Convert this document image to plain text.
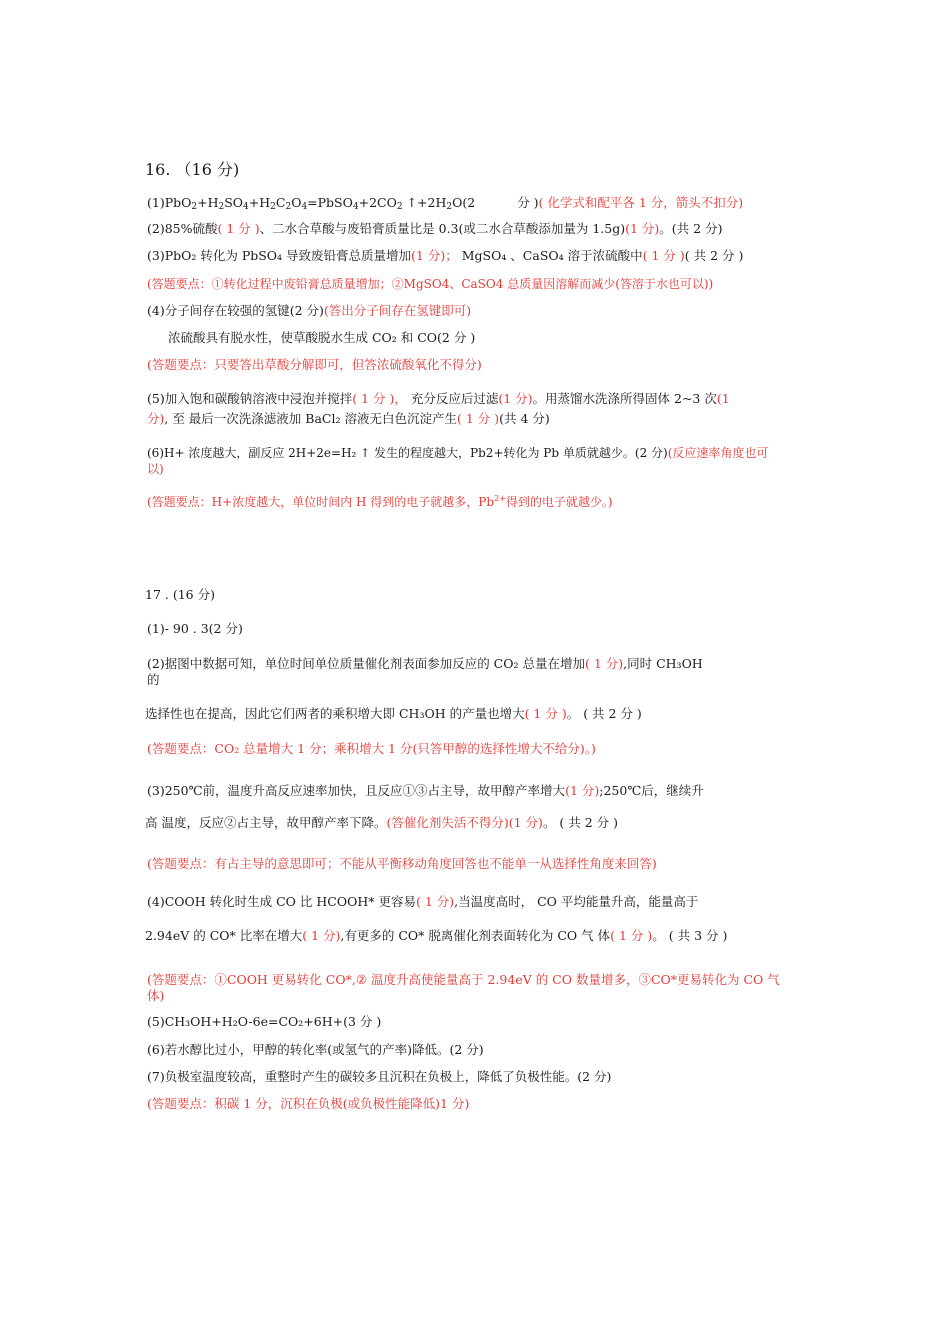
16. （16 分)
$(1)PbO_2+H_2SO_4+H_2C_2O_4=PbSO_4+2CO_2$ $↑+2H_2O(2$	分 )( 化学式和配平各 1 分，箭头不扣分)
(2)85%硫酸( 1 分 )、二水合草酸与废铅膏质量比是 0.3(或二水合草酸添加量为 1.5g)(1 分)。(共 2 分)
(3)PbO₂ 转化为 PbSO₄ 导致废铅膏总质量增加(1 分)； MgSO₄ 、CaSO₄ 溶于浓硫酸中( 1 分 )( 共 2 分 )
(答题要点：①转化过程中废铅膏总质量增加；②MgSO4、CaSO4 总质量因溶解而减少(答溶于水也可以))
(4)分子间存在较强的氢键(2 分)(答出分子间存在氢键即可)
浓硫酸具有脱水性，使草酸脱水生成 CO₂ 和 CO(2 分 )
(答题要点：只要答出草酸分解即可，但答浓硫酸氧化不得分)
(5)加入饱和碳酸钠溶液中浸泡并搅拌( 1 分 )， 充分反应后过滤(1 分)。用蒸馏水洗涤所得固体 2~3 次(1
分), 至 最后一次洗涤滤液加 BaCl₂ 溶液无白色沉淀产生( 1 分 )(共 4 分)
(6)H+ 浓度越大，副反应 2H+2e=H₂ ↑ 发生的程度越大，Pb2+转化为 Pb 单质就越少。(2 分)(反应速率角度也可
以)
(答题要点：H+浓度越大，单位时间内 H 得到的电子就越多，$Pb^{2+}$得到的电子就越少。)
17 . (16 分)
(1)- 90 . 3(2 分)
(2)据图中数据可知，单位时间单位质量催化剂表面参加反应的 CO₂ 总量在增加( 1 分),同时 CH₃OH
的
选择性也在提高，因此它们两者的乘积增大即 CH₃OH 的产量也增大( 1 分 )。 ( 共 2 分 )
(答题要点：CO₂ 总量增大 1 分；乘积增大 1 分(只答甲醇的选择性增大不给分)。)
(3)250℃前，温度升高反应速率加快，且反应①③占主导，故甲醇产率增大(1 分);250℃后，继续升
高 温度，反应②占主导，故甲醇产率下降。(答催化剂失活不得分)(1 分)。 ( 共 2 分 )
(答题要点：有占主导的意思即可；不能从平衡移动角度回答也不能单一从选择性角度来回答)
(4)COOH 转化时生成 CO 比 HCOOH* 更容易( 1 分),当温度高时， CO 平均能量升高，能量高于
2.94eV 的 CO* 比率在增大( 1 分),有更多的 CO* 脱离催化剂表面转化为 CO 气 体( 1 分 )。 ( 共 3 分 )
(答题要点：①COOH 更易转化 CO*,② 温度升高使能量高于 2.94eV 的 CO 数量增多，③CO*更易转化为 CO 气
体)
(5)CH₃OH+H₂O-6e=CO₂+6H+(3 分 )
(6)若水醇比过小，甲醇的转化率(或氢气的产率)降低。(2 分)
(7)负极室温度较高，重整时产生的碳较多且沉积在负极上，降低了负极性能。(2 分)
(答题要点：积碳 1 分，沉积在负极(或负极性能降低)1 分)
